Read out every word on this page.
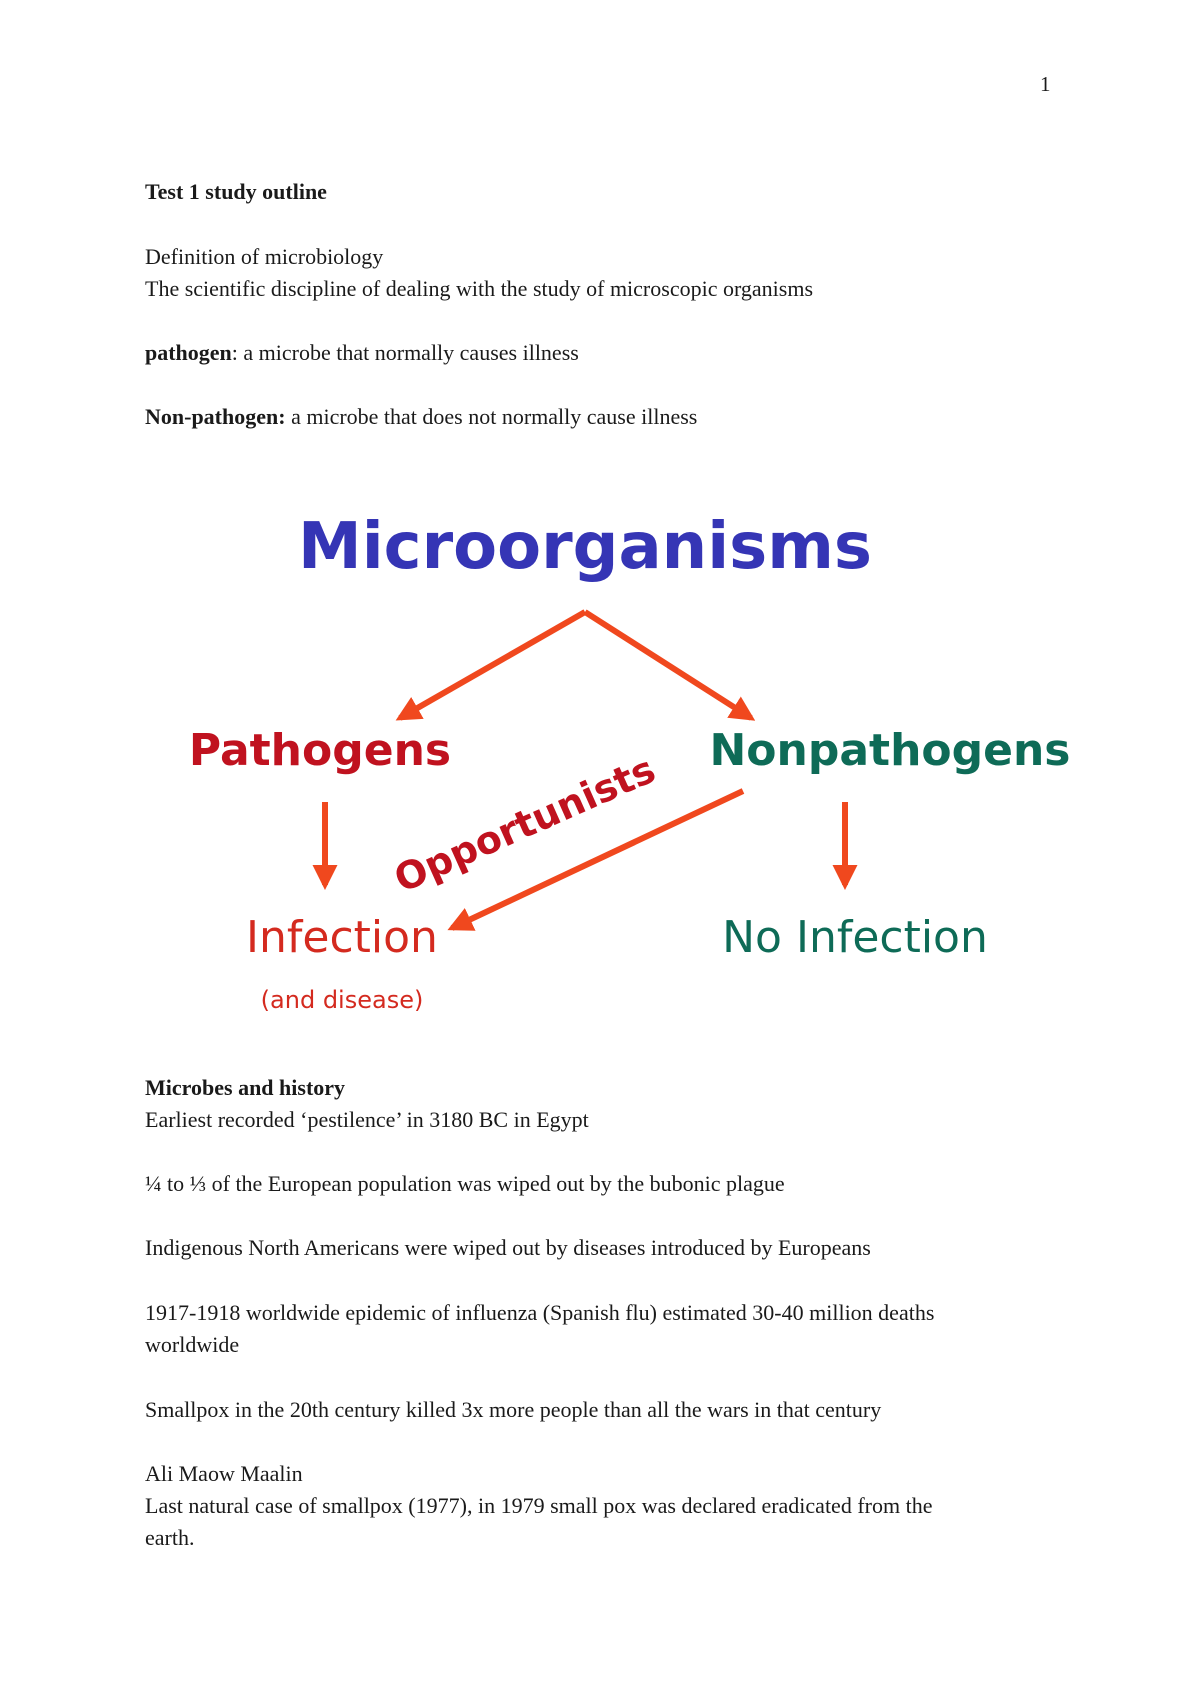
1
Test 1 study outline
Definition of microbiology
The scientific discipline of dealing with the study of microscopic organisms
pathogen: a microbe that normally causes illness
Non-pathogen: a microbe that does not normally cause illness
Microbes and history
Earliest recorded ‘pestilence’ in 3180 BC in Egypt
¼ to ⅓ of the European population was wiped out by the bubonic plague
Indigenous North Americans were wiped out by diseases introduced by Europeans
1917-1918 worldwide epidemic of influenza (Spanish flu) estimated 30-40 million deaths
worldwide
Smallpox in the 20th century killed 3x more people than all the wars in that century
Ali Maow Maalin
Last natural case of smallpox (1977), in 1979 small pox was declared eradicated from the
earth.
Microorganisms
Pathogens	Nonpathogens
Opportunists
Infection
(and disease)
No Infection
